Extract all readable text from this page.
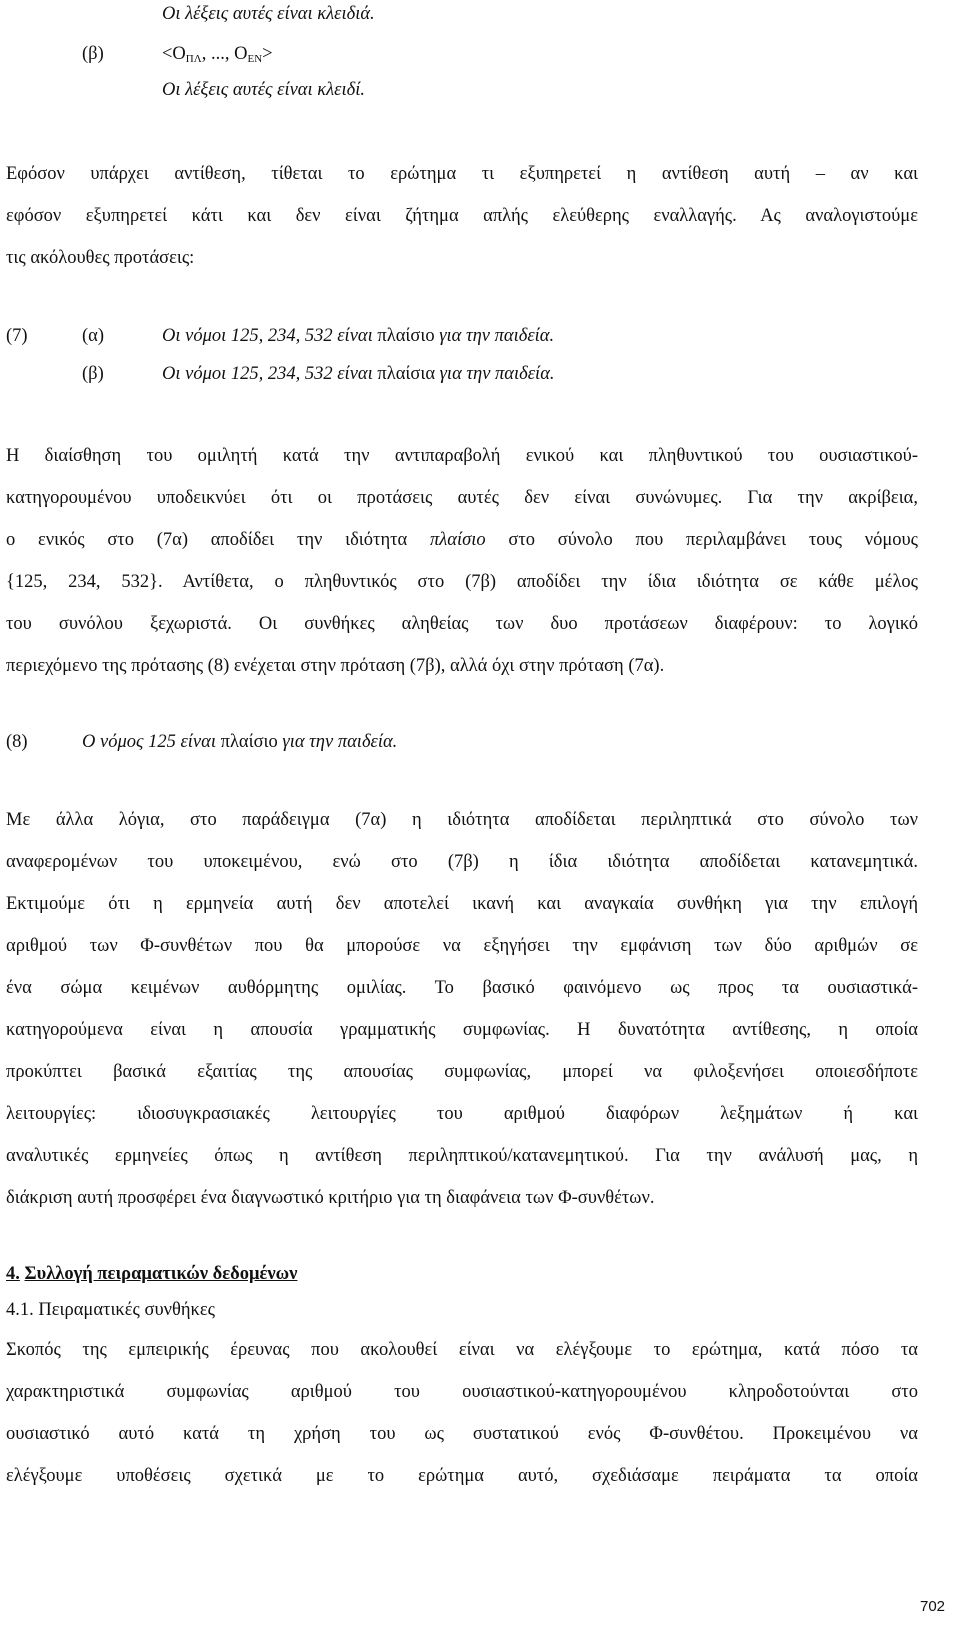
Οι λέξεις αυτές είναι κλειδιά.
(β)	$<O_{\Pi\Lambda}$, ..., $O_{EN}>$
Οι λέξεις αυτές είναι κλειδί.
Εφόσον υπάρχει αντίθεση, τίθεται το ερώτημα τι εξυπηρετεί η αντίθεση αυτή – αν και
εφόσον εξυπηρετεί κάτι και δεν είναι ζήτημα απλής ελεύθερης εναλλαγής. Ας αναλογιστούμε
τις ακόλουθες προτάσεις:
(7)	(α)	Οι νόμοι 125, 234, 532 είναι πλαίσιο για την παιδεία.
(β)	Οι νόμοι 125, 234, 532 είναι πλαίσια για την παιδεία.
Η διαίσθηση του ομιλητή κατά την αντιπαραβολή ενικού και πληθυντικού του ουσιαστικού-
κατηγορουμένου υποδεικνύει ότι οι προτάσεις αυτές δεν είναι συνώνυμες. Για την ακρίβεια,
ο ενικός στο (7α) αποδίδει την ιδιότητα πλαίσιο στο σύνολο που περιλαμβάνει τους νόμους
{125, 234, 532}. Αντίθετα, ο πληθυντικός στο (7β) αποδίδει την ίδια ιδιότητα σε κάθε μέλος
του συνόλου ξεχωριστά. Οι συνθήκες αληθείας των δυο προτάσεων διαφέρουν: το λογικό
περιεχόμενο της πρότασης (8) ενέχεται στην πρόταση (7β), αλλά όχι στην πρόταση (7α).
(8)	Ο νόμος 125 είναι πλαίσιο για την παιδεία.
Με άλλα λόγια, στο παράδειγμα (7α) η ιδιότητα αποδίδεται περιληπτικά στο σύνολο των
αναφερομένων του υποκειμένου, ενώ στο (7β) η ίδια ιδιότητα αποδίδεται κατανεμητικά.
Εκτιμούμε ότι η ερμηνεία αυτή δεν αποτελεί ικανή και αναγκαία συνθήκη για την επιλογή
αριθμού των Φ-συνθέτων που θα μπορούσε να εξηγήσει την εμφάνιση των δύο αριθμών σε
ένα σώμα κειμένων αυθόρμητης ομιλίας. Το βασικό φαινόμενο ως προς τα ουσιαστικά-
κατηγορούμενα είναι η απουσία γραμματικής συμφωνίας. Η δυνατότητα αντίθεσης, η οποία
προκύπτει βασικά εξαιτίας της απουσίας συμφωνίας, μπορεί να φιλοξενήσει οποιεσδήποτε
λειτουργίες: ιδιοσυγκρασιακές λειτουργίες του αριθμού διαφόρων λεξημάτων ή και
αναλυτικές ερμηνείες όπως η αντίθεση περιληπτικού/κατανεμητικού. Για την ανάλυσή μας, η
διάκριση αυτή προσφέρει ένα διαγνωστικό κριτήριο για τη διαφάνεια των Φ-συνθέτων.
4. Συλλογή πειραματικών δεδομένων
4.1. Πειραματικές συνθήκες
Σκοπός της εμπειρικής έρευνας που ακολουθεί είναι να ελέγξουμε το ερώτημα, κατά πόσο τα
χαρακτηριστικά συμφωνίας αριθμού του ουσιαστικού-κατηγορουμένου κληροδοτούνται στο
ουσιαστικό αυτό κατά τη χρήση του ως συστατικού ενός Φ-συνθέτου. Προκειμένου να
ελέγξουμε υποθέσεις σχετικά με το ερώτημα αυτό, σχεδιάσαμε πειράματα τα οποία
702
